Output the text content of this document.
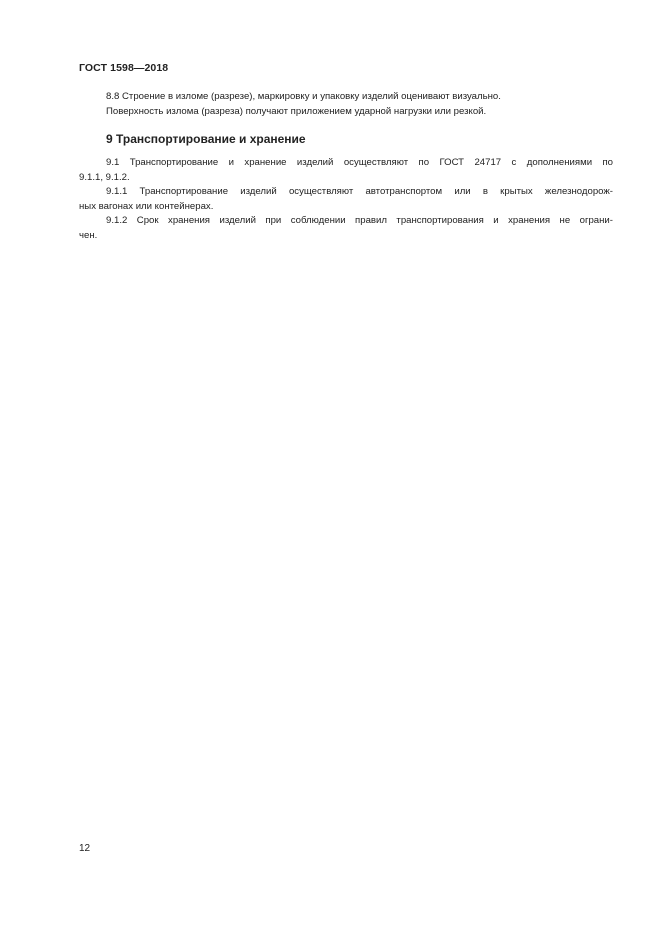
ГОСТ 1598—2018
8.8 Строение в изломе (разрезе), маркировку и упаковку изделий оценивают визуально.
Поверхность излома (разреза) получают приложением ударной нагрузки или резкой.
9 Транспортирование и хранение
9.1 Транспортирование и хранение изделий осуществляют по ГОСТ 24717 с дополнениями по
9.1.1, 9.1.2.
9.1.1 Транспортирование изделий осуществляют автотранспортом или в крытых железнодорож-
ных вагонах или контейнерах.
9.1.2 Срок хранения изделий при соблюдении правил транспортирования и хранения не ограни-
чен.
12
